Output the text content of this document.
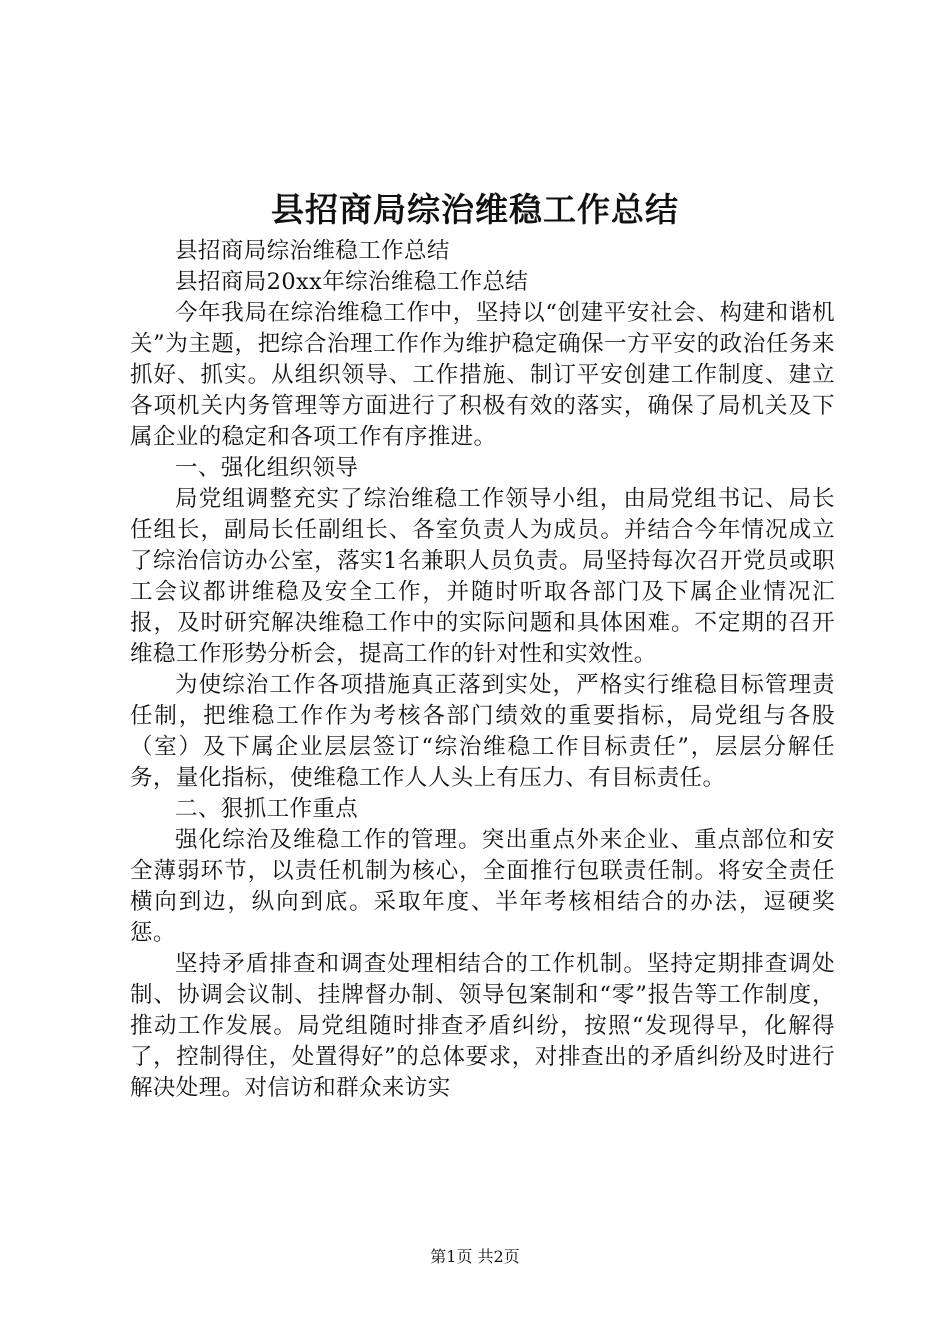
县招商局综治维稳工作总结

县招商局综治维稳工作总结

县招商局20xx年综治维稳工作总结

今年我局在综治维稳工作中，坚持以“创建平安社会、构建和谐机关”为主题，把综合治理工作作为维护稳定确保一方平安的政治任务来抓好、抓实。从组织领导、工作措施、制订平安创建工作制度、建立各项机关内务管理等方面进行了积极有效的落实，确保了局机关及下属企业的稳定和各项工作有序推进。

一、强化组织领导

局党组调整充实了综治维稳工作领导小组，由局党组书记、局长任组长，副局长任副组长、各室负责人为成员。并结合今年情况成立了综治信访办公室，落实1名兼职人员负责。局坚持每次召开党员或职工会议都讲维稳及安全工作，并随时听取各部门及下属企业情况汇报，及时研究解决维稳工作中的实际问题和具体困难。不定期的召开维稳工作形势分析会，提高工作的针对性和实效性。

为使综治工作各项措施真正落到实处，严格实行维稳目标管理责任制，把维稳工作作为考核各部门绩效的重要指标，局党组与各股（室）及下属企业层层签订“综治维稳工作目标责任”，层层分解任务，量化指标，使维稳工作人人头上有压力、有目标责任。

二、狠抓工作重点

强化综治及维稳工作的管理。突出重点外来企业、重点部位和安全薄弱环节，以责任机制为核心，全面推行包联责任制。将安全责任横向到边，纵向到底。采取年度、半年考核相结合的办法，逗硬奖惩。

坚持矛盾排查和调查处理相结合的工作机制。坚持定期排查调处制、协调会议制、挂牌督办制、领导包案制和“零”报告等工作制度，推动工作发展。局党组随时排查矛盾纠纷，按照“发现得早，化解得了，控制得住，处置得好”的总体要求，对排查出的矛盾纠纷及时进行解决处理。对信访和群众来访实

第1页 共2页
